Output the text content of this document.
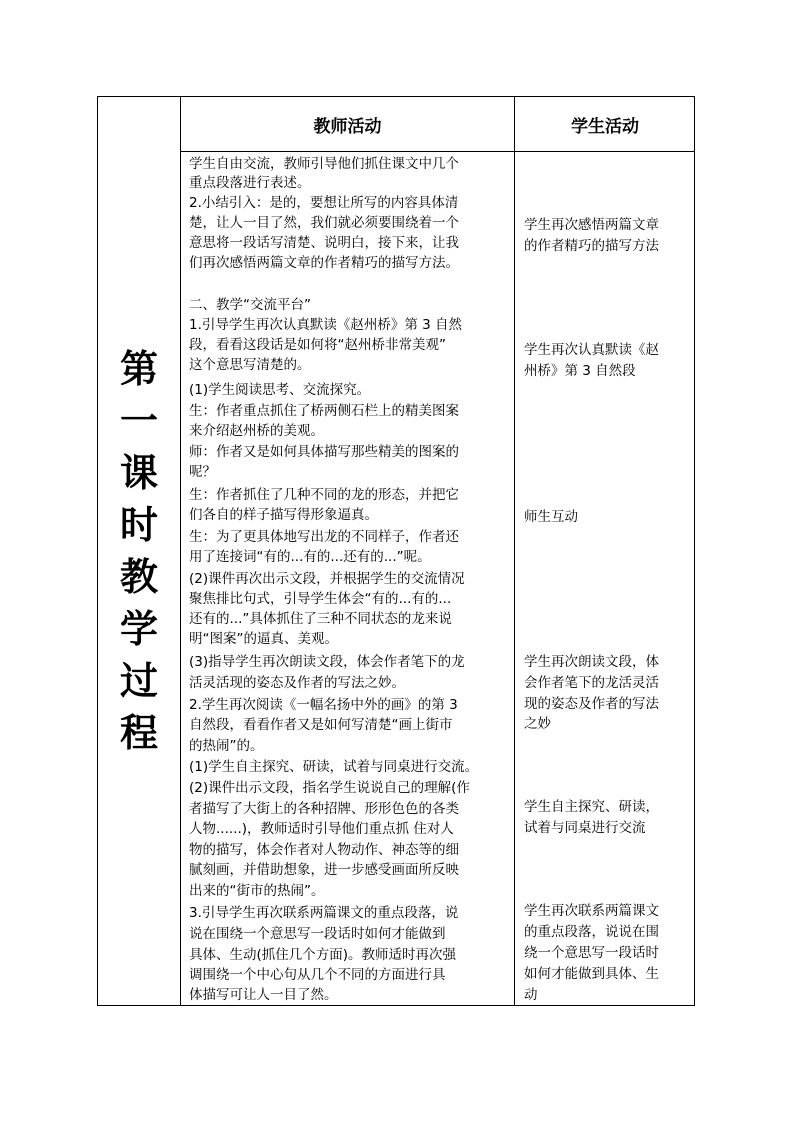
教师活动	学生活动
第
一
课
时
教
学
过
程
学生自由交流，教师引导他们抓住课文中几个
重点段落进行表述。
2.小结引入：是的，要想让所写的内容具体清
楚，让人一目了然，我们就必须要围绕着一个
意思将一段话写清楚、说明白，接下来，让我
们再次感悟两篇文章的作者精巧的描写方法。
二、教学“交流平台”
1.引导学生再次认真默读《赵州桥》第 3 自然
段，看看这段话是如何将“赵州桥非常美观”
这个意思写清楚的。
(1)学生阅读思考、交流探究。
生：作者重点抓住了桥两侧石栏上的精美图案
来介绍赵州桥的美观。
师：作者又是如何具体描写那些精美的图案的
呢？
生：作者抓住了几种不同的龙的形态，并把它
们各自的样子描写得形象逼真。
生：为了更具体地写出龙的不同样子，作者还
用了连接词“有的...有的...还有的...”呢。
(2)课件再次出示文段，并根据学生的交流情况
聚焦排比句式，引导学生体会“有的...有的...
还有的...”具体抓住了三种不同状态的龙来说
明“图案”的逼真、美观。
(3)指导学生再次朗读文段，体会作者笔下的龙
活灵活现的姿态及作者的写法之妙。
2.学生再次阅读《一幅名扬中外的画》的第 3
自然段，看看作者又是如何写清楚“画上街市
的热闹”的。
(1)学生自主探究、研读，试着与同桌进行交流。
(2)课件出示文段，指名学生说说自己的理解(作
者描写了大街上的各种招牌、形形色色的各类
人物......)，教师适时引导他们重点抓 住对人
物的描写，体会作者对人物动作、神态等的细
腻刻画，并借助想象，进一步感受画面所反映
出来的“街市的热闹”。
3.引导学生再次联系两篇课文的重点段落，说
说在围绕一个意思写一段话时如何才能做到
具体、生动(抓住几个方面)。教师适时再次强
调围绕一个中心句从几个不同的方面进行具
体描写可让人一目了然。
学生再次感悟两篇文章
的作者精巧的描写方法
学生再次认真默读《赵
州桥》第 3 自然段
师生互动
学生再次朗读文段，体
会作者笔下的龙活灵活
现的姿态及作者的写法
之妙
学生自主探究、研读，
试着与同桌进行交流
学生再次联系两篇课文
的重点段落，说说在围
绕一个意思写一段话时
如何才能做到具体、生
动
